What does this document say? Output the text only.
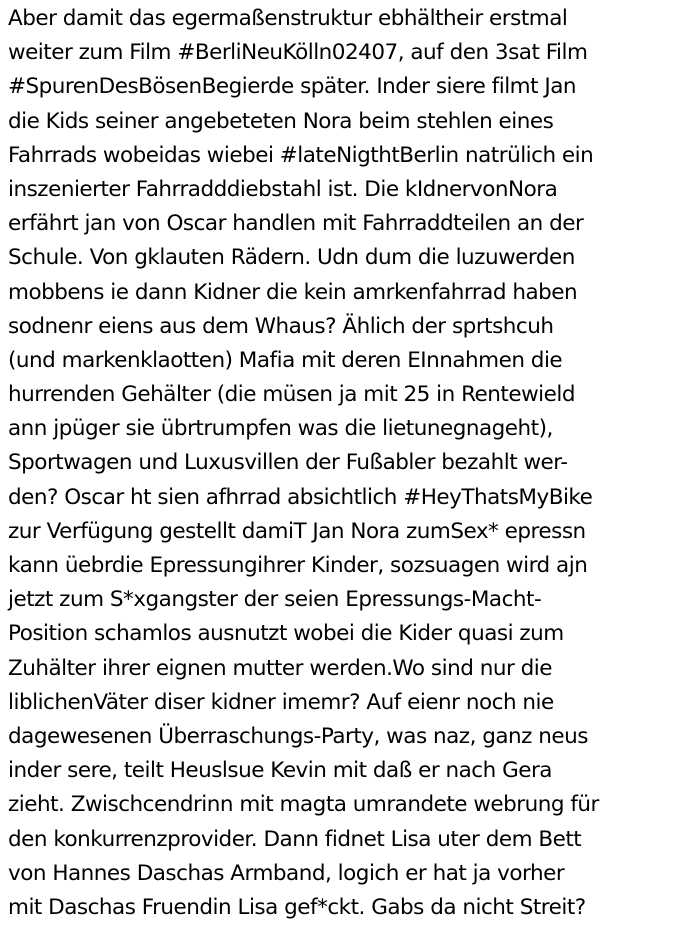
Aber damit das egermaßenstruktur ebhältheir erstmal
weiter zum Film #BerliNeuKölln02407, auf den 3sat Film
#SpurenDesBösenBegierde später. Inder siere filmt Jan
die Kids seiner angebeteten Nora beim stehlen eines
Fahrrads wobeidas wiebei #lateNigthtBerlin natrülich ein
inszenierter Fahrradddiebstahl ist. Die kIdnervonNora
erfährt jan von Oscar handlen mit Fahrraddteilen an der
Schule. Von gklauten Rädern. Udn dum die luzuwerden
mobbens ie dann Kidner die kein amrkenfahrrad haben
sodnenr eiens aus dem Whaus? Ählich der sprtshcuh
(und markenklaotten) Mafia mit deren EInnahmen die
hurrenden Gehälter (die müsen ja mit 25 in Rentewield
ann jpüger sie übrtrumpfen was die lietunegnageht),
Sportwagen und Luxusvillen der Fußabler bezahlt wer-
den? Oscar ht sien afhrrad absichtlich #HeyThatsMyBike
zur Verfügung gestellt damiT Jan Nora zumSex* epressn
kann üebrdie Epressungihrer Kinder, sozsuagen wird ajn
jetzt zum S*xgangster der seien Epressungs-Macht-
Position schamlos ausnutzt wobei die Kider quasi zum
Zuhälter ihrer eignen mutter werden.Wo sind nur die
liblichenVäter diser kidner imemr? Auf eienr noch nie
dagewesenen Überraschungs-Party, was naz, ganz neus
inder sere, teilt Heuslsue Kevin mit daß er nach Gera
zieht. Zwischcendrinn mit magta umrandete webrung für
den konkurrenzprovider. Dann fidnet Lisa uter dem Bett
von Hannes Daschas Armband, logich er hat ja vorher
mit Daschas Fruendin Lisa gef*ckt. Gabs da nicht Streit?
